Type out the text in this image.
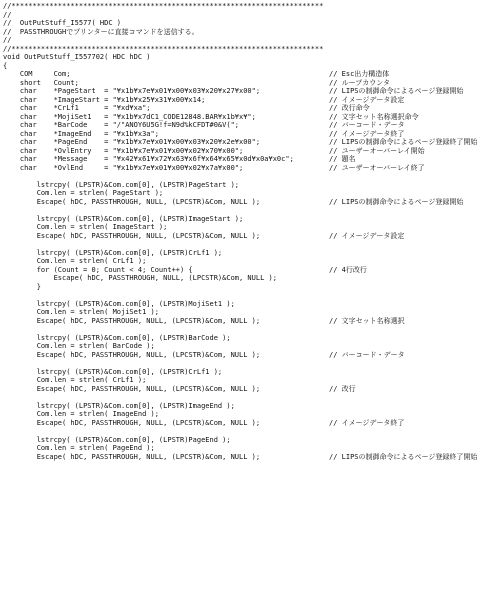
//**************************************************************************
//
//  OutPutStuff_I5577( HDC )
//  PASSTHROUGHでプリンターに直接コマンドを送信する。
//
//**************************************************************************
void OutPutStuff_I557702( HDC hDC )
{
COM     Com;	// Esc出力構造体
short   Count;	// ループカウンタ
char    *PageStart  = "¥x1b¥x7e¥x01¥x00¥x03¥x20¥x27¥x00";	// LIPSの制御命令によるページ登録開始
char    *ImageStart = "¥x1b¥x25¥x31¥x00¥x14;	// イメージデータ設定
char    *CrLf1      = "¥xd¥xa";	// 改行命令
char    *MojiSet1   = "¥x1b¥x7dC1_CODE12848.BAR¥x1b¥x¥";	// 文字セット名称選択命令
char    *BarCode    = "/"ANOY6U5G!f=N9d%kCFDT#0&V(";	// バーコード・データ
char    *ImageEnd   = "¥x1b¥x3a";	// イメージデータ終了
char    *PageEnd    = "¥x1b¥x7e¥x01¥x00¥x03¥x20¥x2e¥x00";	// LIPSの制御命令によるページ登録終了開始
char    *OvlEntry   = "¥x1b¥x7e¥x01¥x00¥x02¥x70¥x00";	// ユーザーオーバーレイ開始
char    *Message    = "¥x42¥x61¥x72¥x63¥x6f¥x64¥x65¥x0d¥x0a¥x0c";	// 題名
char    *OvlEnd     = "¥x1b¥x7e¥x01¥x00¥x02¥x7a¥x00";	// ユーザーオーバーレイ終了
lstrcpy( (LPSTR)&Com.com[0], (LPSTR)PageStart );
Com.len = strlen( PageStart );
Escape( hDC, PASSTHROUGH, NULL, (LPCSTR)&Com, NULL );	// LIPSの制御命令によるページ登録開始
lstrcpy( (LPSTR)&Com.com[0], (LPSTR)ImageStart );
Com.len = strlen( ImageStart );
Escape( hDC, PASSTHROUGH, NULL, (LPCSTR)&Com, NULL );	// イメージデータ設定
lstrcpy( (LPSTR)&Com.com[0], (LPSTR)CrLf1 );
Com.len = strlen( CrLf1 );
for (Count = 0; Count < 4; Count++) {	// 4行改行
Escape( hDC, PASSTHROUGH, NULL, (LPCSTR)&Com, NULL );
}
lstrcpy( (LPSTR)&Com.com[0], (LPSTR)MojiSet1 );
Com.len = strlen( MojiSet1 );
Escape( hDC, PASSTHROUGH, NULL, (LPCSTR)&Com, NULL );	// 文字セット名称選択
lstrcpy( (LPSTR)&Com.com[0], (LPSTR)BarCode );
Com.len = strlen( BarCode );
Escape( hDC, PASSTHROUGH, NULL, (LPCSTR)&Com, NULL );	// バーコード・データ
lstrcpy( (LPSTR)&Com.com[0], (LPSTR)CrLf1 );
Com.len = strlen( CrLf1 );
Escape( hDC, PASSTHROUGH, NULL, (LPCSTR)&Com, NULL );	// 改行
lstrcpy( (LPSTR)&Com.com[0], (LPSTR)ImageEnd );
Com.len = strlen( ImageEnd );
Escape( hDC, PASSTHROUGH, NULL, (LPCSTR)&Com, NULL );	// イメージデータ終了
lstrcpy( (LPSTR)&Com.com[0], (LPSTR)PageEnd );
Com.len = strlen( PageEnd );
Escape( hDC, PASSTHROUGH, NULL, (LPCSTR)&Com, NULL );	// LIPSの制御命令によるページ登録終了開始
